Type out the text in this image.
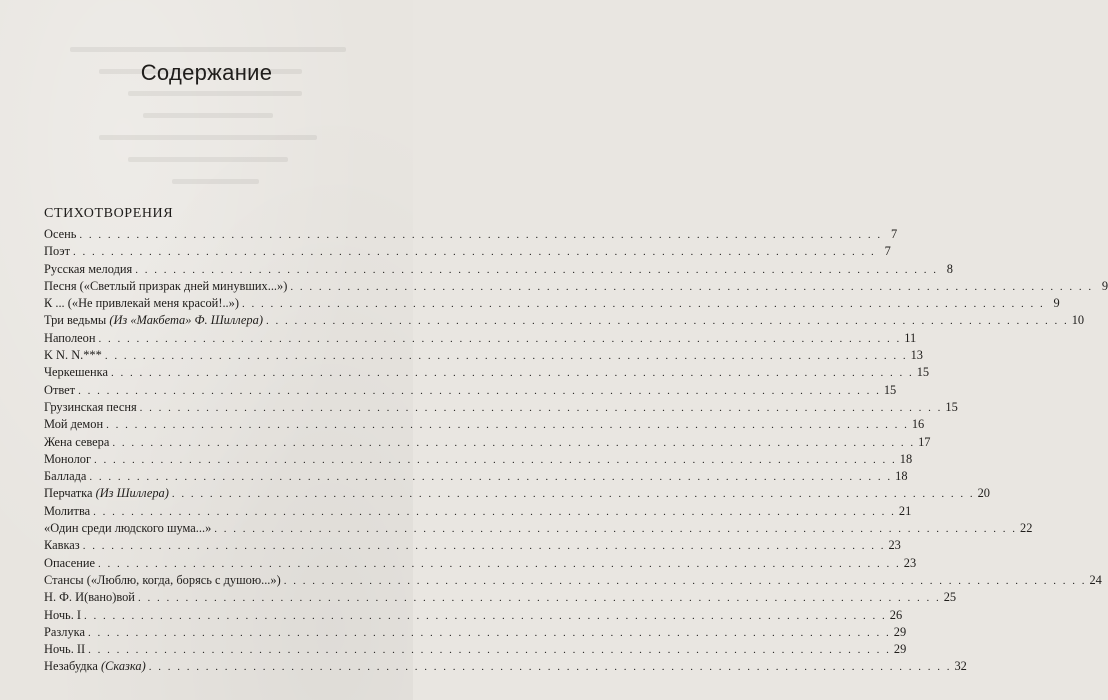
Содержание
СТИХОТВОРЕНИЯ
Осень . . .	7
Поэт . . .	7
Русская мелодия . . .	8
Песня («Светлый призрак дней минувших...») . . .	9
К ... («Не привлекай меня красой!..») . . .	9
Три ведьмы (Из «Макбета» Ф. Шиллера) . . .	10
Наполеон . . .	11
K N. N.*** . . .	13
Черкешенка . . .	15
Ответ . . .	15
Грузинская песня . . .	15
Мой демон . . .	16
Жена севера . . .	17
Монолог . . .	18
Баллада . . .	18
Перчатка (Из Шиллера) . . .	20
Молитва . . .	21
«Один среди людского шума...» . . .	22
Кавказ . . .	23
Опасение . . .	23
Стансы («Люблю, когда, борясь с душою...») . . .	24
Н. Ф. И(вано)вой . . .	25
Ночь. I . . .	26
Разлука . . .	29
Ночь. II . . .	29
Незабудка (Сказка) . . .	32
